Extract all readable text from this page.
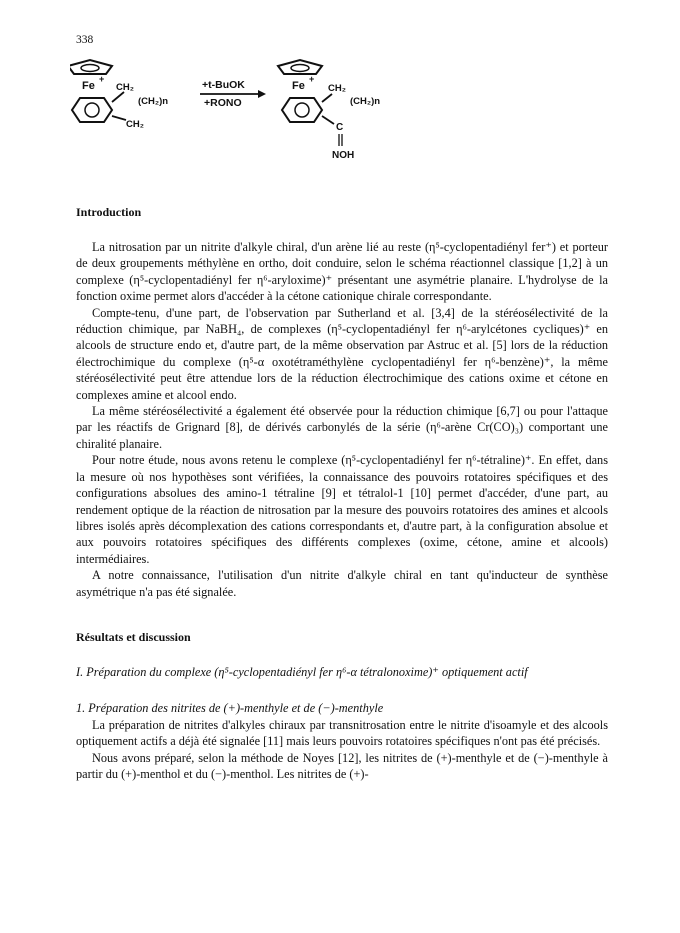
338
Fe
+
CH₂
(CH₂)n
CH₂
+t-BuOK
+RONO
Fe
+
CH₂
(CH₂)n
C
NOH
Introduction

La nitrosation par un nitrite d'alkyle chiral, d'un arène lié au reste (η⁵-cyclopentadiényl fer⁺) et porteur de deux groupements méthylène en ortho, doit conduire, selon le schéma réactionnel classique [1,2] à un complexe (η⁵-cyclopentadiényl fer η⁶-aryloxime)⁺ présentant une asymétrie planaire. L'hydrolyse de la fonction oxime permet alors d'accéder à la cétone cationique chirale correspondante.

Compte-tenu, d'une part, de l'observation par Sutherland et al. [3,4] de la stéréosélectivité de la réduction chimique, par NaBH₄, de complexes (η⁵-cyclopentadiényl fer η⁶-arylcétones cycliques)⁺ en alcools de structure endo et, d'autre part, de la même observation par Astruc et al. [5] lors de la réduction électrochimique du complexe (η⁵-α oxotétraméthylène cyclopentadiényl fer η⁶-benzène)⁺, la même stéréosélectivité peut être attendue lors de la réduction électrochimique des cations oxime et cétone en complexes amine et alcool endo.

La même stéréosélectivité a également été observée pour la réduction chimique [6,7] ou pour l'attaque par les réactifs de Grignard [8], de dérivés carbonylés de la série (η⁶-arène Cr(CO)₃) comportant une chiralité planaire.

Pour notre étude, nous avons retenu le complexe (η⁵-cyclopentadiényl fer η⁶-tétraline)⁺. En effet, dans la mesure où nos hypothèses sont vérifiées, la connaissance des pouvoirs rotatoires spécifiques et des configurations absolues des amino-1 tétraline [9] et tétralol-1 [10] permet d'accéder, d'une part, au rendement optique de la réaction de nitrosation par la mesure des pouvoirs rotatoires des amines et alcools libres isolés après décomplexation des cations correspondants et, d'autre part, à la configuration absolue et aux pouvoirs rotatoires spécifiques des différents complexes (oxime, cétone, amine et alcools) intermédiaires.

A notre connaissance, l'utilisation d'un nitrite d'alkyle chiral en tant qu'inducteur de synthèse asymétrique n'a pas été signalée.

Résultats et discussion

I. Préparation du complexe (η⁵-cyclopentadiényl fer η⁶-α tétralonoxime)⁺ optiquement actif

1. Préparation des nitrites de (+)-menthyle et de (−)-menthyle

La préparation de nitrites d'alkyles chiraux par transnitrosation entre le nitrite d'isoamyle et des alcools optiquement actifs a déjà été signalée [11] mais leurs pouvoirs rotatoires spécifiques n'ont pas été précisés.

Nous avons préparé, selon la méthode de Noyes [12], les nitrites de (+)-menthyle et de (−)-menthyle à partir du (+)-menthol et du (−)-menthol. Les nitrites de (+)-
